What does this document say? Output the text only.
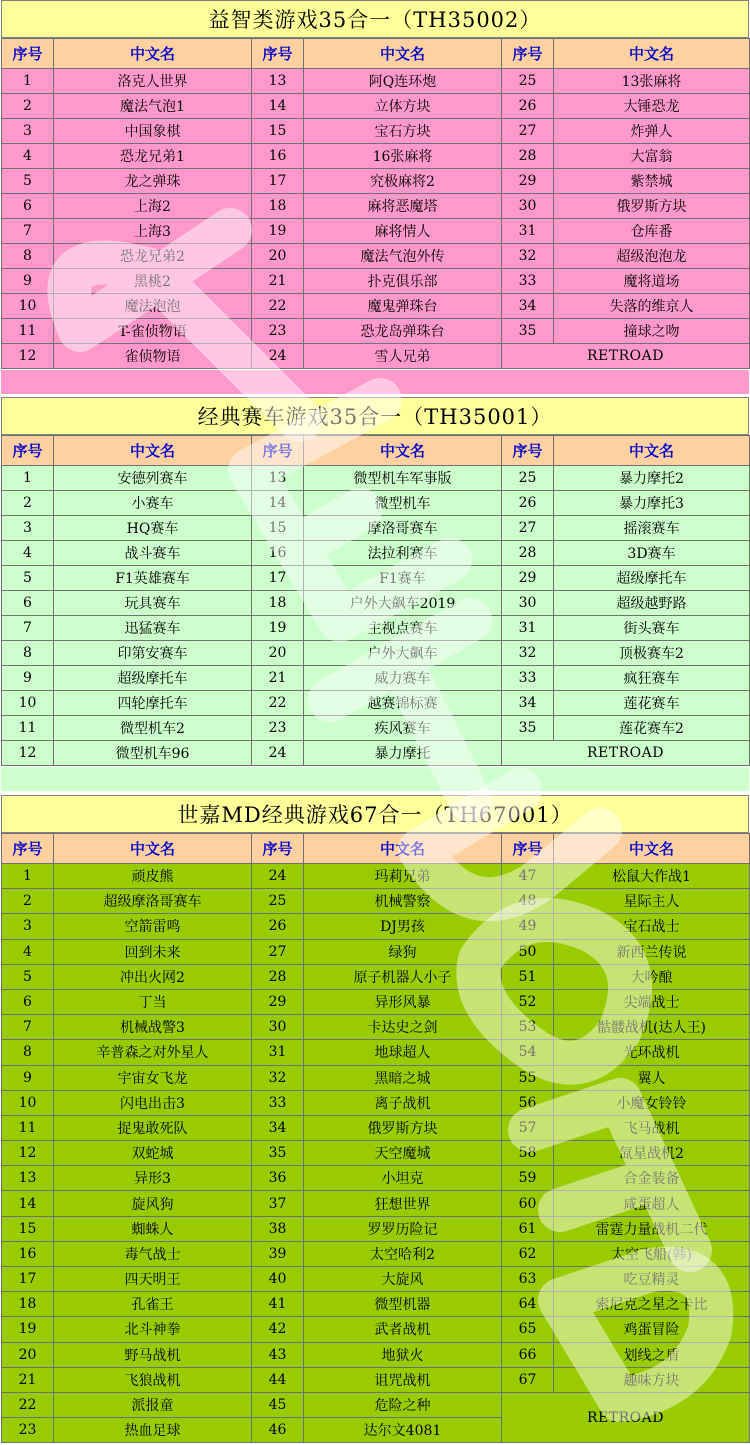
益智类游戏35合一（TH35002）
序号	中文名	序号	中文名	序号	中文名
1	洛克人世界	13	阿Q连环炮	25	13张麻将
2	魔法气泡1	14	立体方块	26	大锤恐龙
3	中国象棋	15	宝石方块	27	炸弹人
4	恐龙兄弟1	16	16张麻将	28	大富翁
5	龙之弹珠	17	究极麻将2	29	紫禁城
6	上海2	18	麻将恶魔塔	30	俄罗斯方块
7	上海3	19	麻将情人	31	仓库番
8	恐龙兄弟2	20	魔法气泡外传	32	超级泡泡龙
9	黑桃2	21	扑克俱乐部	33	魔将道场
10	魔法泡泡	22	魔鬼弹珠台	34	失落的维京人
11	T-雀侦物语	23	恐龙岛弹珠台	35	撞球之吻
12	雀侦物语	24	雪人兄弟	RETROAD	
经典赛车游戏35合一（TH35001）
序号	中文名	序号	中文名	序号	中文名
1	安德列赛车	13	微型机车军事版	25	暴力摩托2
2	小赛车	14	微型机车	26	暴力摩托3
3	HQ赛车	15	摩洛哥赛车	27	摇滚赛车
4	战斗赛车	16	法拉利赛车	28	3D赛车
5	F1英雄赛车	17	F1赛车	29	超级摩托车
6	玩具赛车	18	户外大飙车2019	30	超级越野路
7	迅猛赛车	19	主视点赛车	31	街头赛车
8	印第安赛车	20	户外大飙车	32	顶极赛车2
9	超级摩托车	21	威力赛车	33	疯狂赛车
10	四轮摩托车	22	越赛锦标赛	34	莲花赛车
11	微型机车2	23	疾风赛车	35	莲花赛车2
12	微型机车96	24	暴力摩托	RETROAD	
世嘉MD经典游戏67合一（TH67001）
序号	中文名	序号	中文名	序号	中文名
1	顽皮熊	24	玛莉兄弟	47	松鼠大作战1
2	超级摩洛哥赛车	25	机械警察	48	星际主人
3	空箭雷鸣	26	DJ男孩	49	宝石战士
4	回到未来	27	绿狗	50	新西兰传说
5	冲出火网2	28	原子机器人小子	51	大吟酿
6	丁当	29	异形风暴	52	尖端战士
7	机械战警3	30	卡达史之剑	53	骷髅战机(达人王)
8	辛普森之对外星人	31	地球超人	54	光环战机
9	宇宙女飞龙	32	黑暗之城	55	翼人
10	闪电出击3	33	离子战机	56	小魔女铃铃
11	捉鬼敢死队	34	俄罗斯方块	57	飞马战机
12	双蛇城	35	天空魔城	58	氙星战机2
13	异形3	36	小坦克	59	合金装备
14	旋风狗	37	狂想世界	60	咸蛋超人
15	蜘蛛人	38	罗罗历险记	61	雷霆力量战机二代
16	毒气战士	39	太空哈利2	62	太空飞船(韩)
17	四天明王	40	大旋风	63	吃豆精灵
18	孔雀王	41	微型机器	64	索尼克之星之卡比
19	北斗神拳	42	武者战机	65	鸡蛋冒险
20	野马战机	43	地狱火	66	划线之盾
21	飞狼战机	44	诅咒战机	67	趣味方块
22	派报童	45	危险之种	RETROAD	
23	热血足球	46	达尔文4081		
